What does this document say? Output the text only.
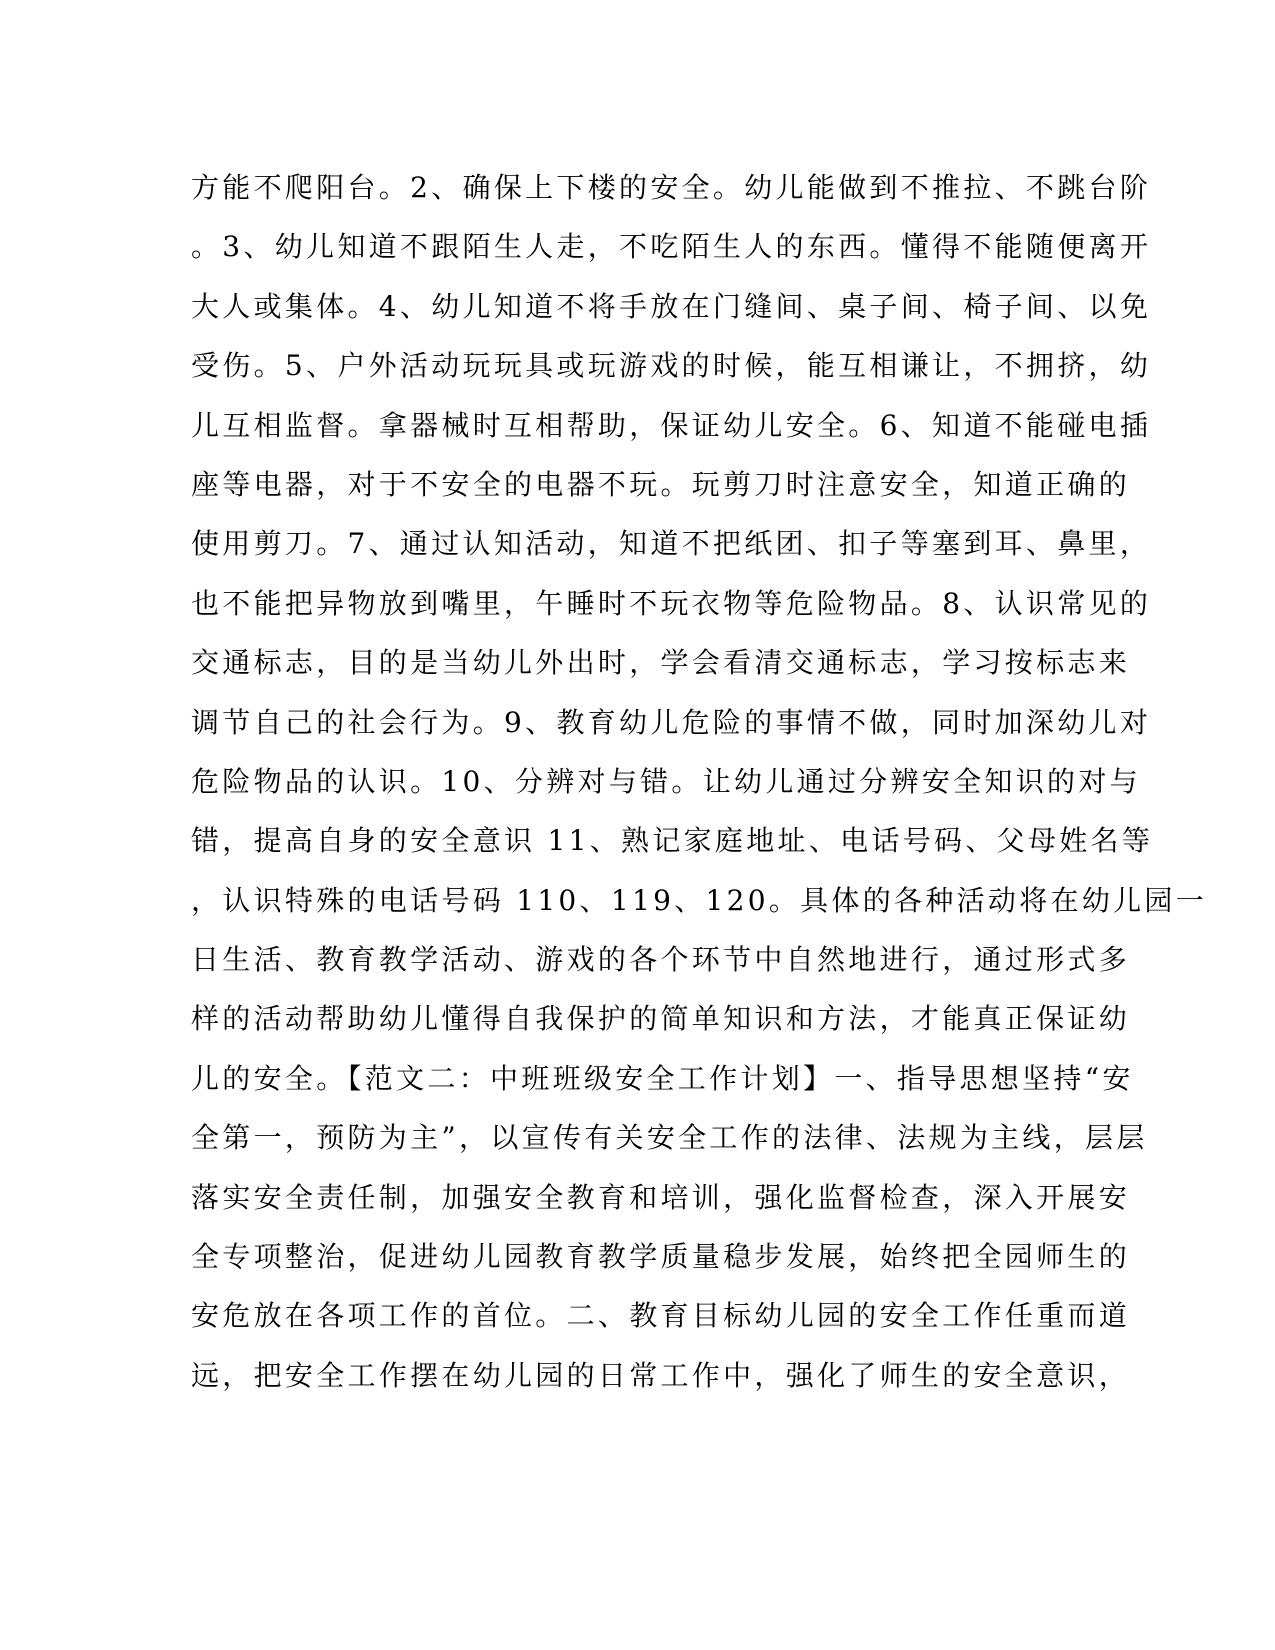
方能不爬阳台。2、确保上下楼的安全。幼儿能做到不推拉、不跳台阶
。3、幼儿知道不跟陌生人走，不吃陌生人的东西。懂得不能随便离开
大人或集体。4、幼儿知道不将手放在门缝间、桌子间、椅子间、以免
受伤。5、户外活动玩玩具或玩游戏的时候，能互相谦让，不拥挤，幼
儿互相监督。拿器械时互相帮助，保证幼儿安全。6、知道不能碰电插
座等电器，对于不安全的电器不玩。玩剪刀时注意安全，知道正确的
使用剪刀。7、通过认知活动，知道不把纸团、扣子等塞到耳、鼻里，
也不能把异物放到嘴里，午睡时不玩衣物等危险物品。8、认识常见的
交通标志，目的是当幼儿外出时，学会看清交通标志，学习按标志来
调节自己的社会行为。9、教育幼儿危险的事情不做，同时加深幼儿对
危险物品的认识。10、分辨对与错。让幼儿通过分辨安全知识的对与
错，提高自身的安全意识 11、熟记家庭地址、电话号码、父母姓名等
，认识特殊的电话号码 110、119、120。具体的各种活动将在幼儿园一
日生活、教育教学活动、游戏的各个环节中自然地进行，通过形式多
样的活动帮助幼儿懂得自我保护的简单知识和方法，才能真正保证幼
儿的安全。【范文二：中班班级安全工作计划】一、指导思想坚持“安
全第一，预防为主”，以宣传有关安全工作的法律、法规为主线，层层
落实安全责任制，加强安全教育和培训，强化监督检查，深入开展安
全专项整治，促进幼儿园教育教学质量稳步发展，始终把全园师生的
安危放在各项工作的首位。二、教育目标幼儿园的安全工作任重而道
远，把安全工作摆在幼儿园的日常工作中，强化了师生的安全意识，
